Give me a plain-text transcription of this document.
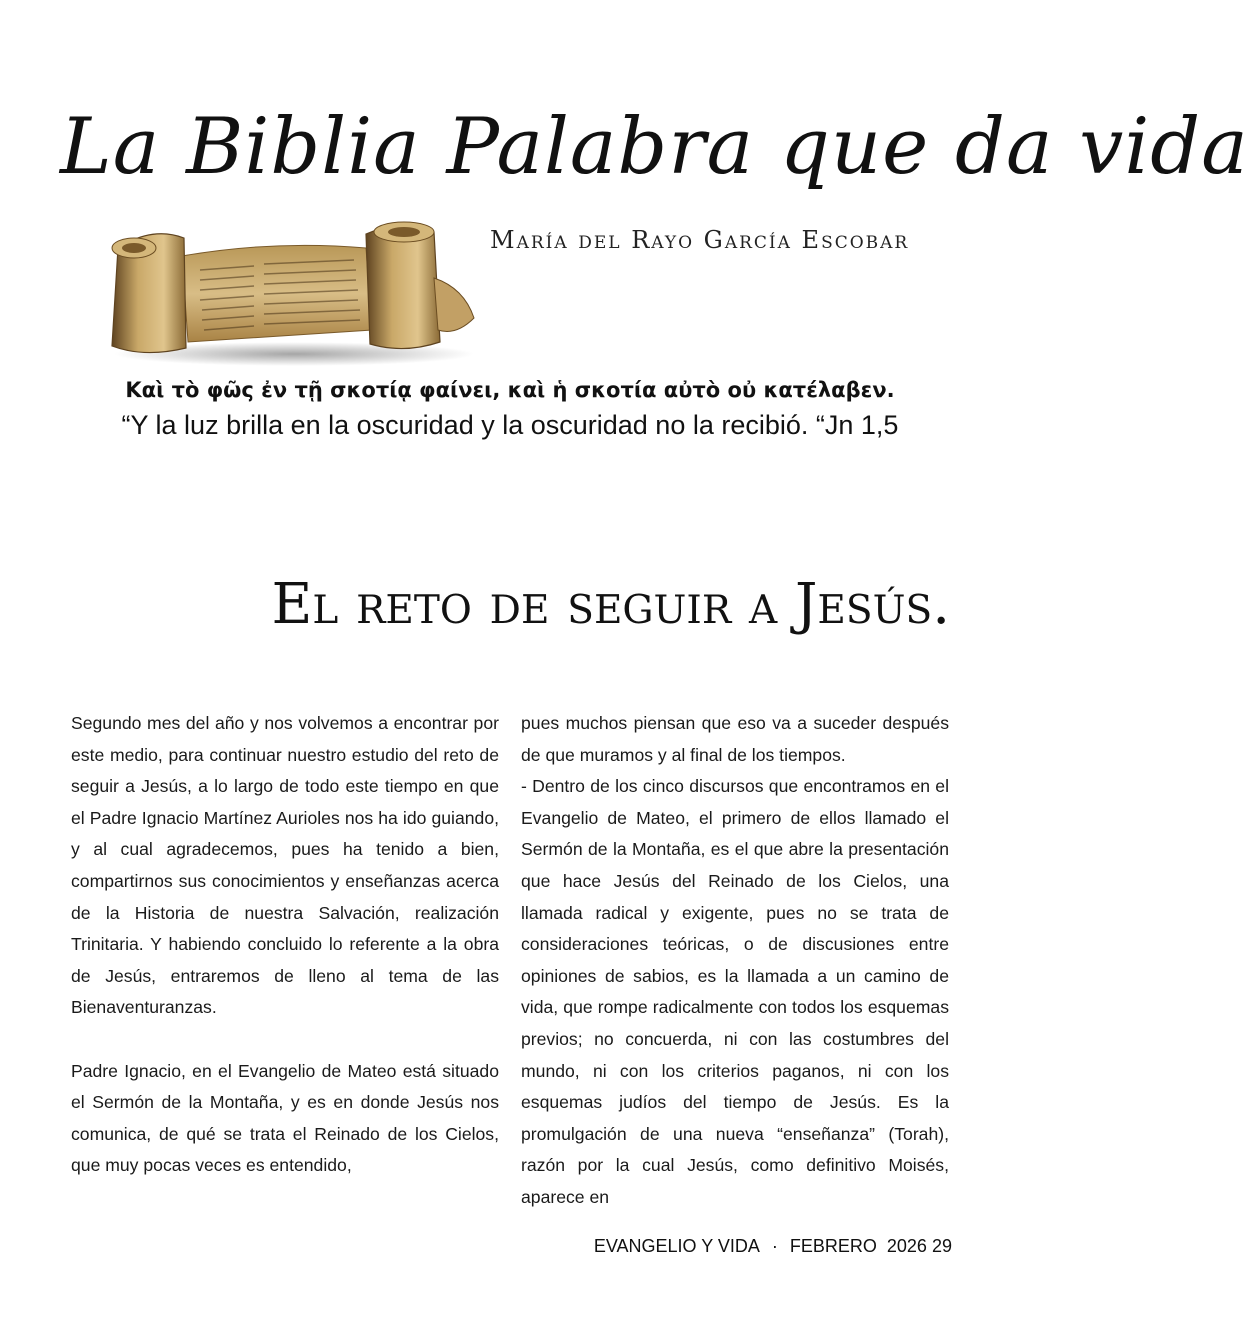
La Biblia Palabra que da vida
María del Rayo García Escobar
Καὶ τὸ φῶς ἐν τῇ σκοτίᾳ φαίνει, καὶ ἡ σκοτία αὐτὸ οὐ κατέλαβεν.
“Y la luz brilla en la oscuridad y la oscuridad no la recibió. “Jn 1,5
El reto de seguir a Jesús.

Segundo mes del año y nos volvemos a encontrar por este medio, para continuar nuestro estudio del reto de seguir a Jesús, a lo largo de todo este tiempo en que el Padre Ignacio Martínez Aurioles nos ha ido guiando, y al cual agradecemos, pues ha tenido a bien, compartirnos sus conocimientos y enseñanzas acerca de la Historia de nuestra Salvación, realización Trinitaria. Y habiendo concluido lo referente a la obra de Jesús, entraremos de lleno al tema de las Bienaventuranzas.

Padre Ignacio, en el Evangelio de Mateo está situado el Sermón de la Montaña, y es en donde Jesús nos comunica, de qué se trata el Reinado de los Cielos, que muy pocas veces es entendido,

pues muchos piensan que eso va a suceder después de que muramos y al final de los tiempos.

- Dentro de los cinco discursos que encontramos en el Evangelio de Mateo, el primero de ellos llamado el Sermón de la Montaña, es el que abre la presentación que hace Jesús del Reinado de los Cielos, una llamada radical y exigente, pues no se trata de consideraciones teóricas, o de discusiones entre opiniones de sabios, es la llamada a un camino de vida, que rompe radicalmente con todos los esquemas previos; no concuerda, ni con las costumbres del mundo, ni con los criterios paganos, ni con los esquemas judíos del tiempo de Jesús. Es la promulgación de una nueva “enseñanza” (Torah), razón por la cual Jesús, como definitivo Moisés, aparece en

EVANGELIO Y VIDA · FEBRERO  2026 29
